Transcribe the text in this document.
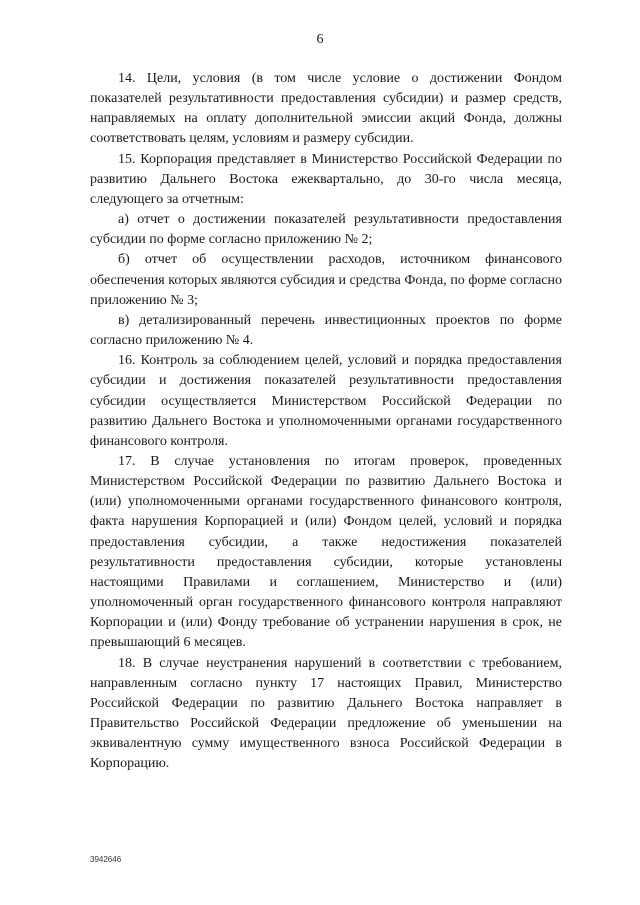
6

14. Цели, условия (в том числе условие о достижении Фондом показателей результативности предоставления субсидии) и размер средств, направляемых на оплату дополнительной эмиссии акций Фонда, должны соответствовать целям, условиям и размеру субсидии.

15. Корпорация представляет в Министерство Российской Федерации по развитию Дальнего Востока ежеквартально, до 30-го числа месяца, следующего за отчетным:

а) отчет о достижении показателей результативности предоставления субсидии по форме согласно приложению № 2;

б) отчет об осуществлении расходов, источником финансового обеспечения которых являются субсидия и средства Фонда, по форме согласно приложению № 3;

в) детализированный перечень инвестиционных проектов по форме согласно приложению № 4.

16. Контроль за соблюдением целей, условий и порядка предоставления субсидии и достижения показателей результативности предоставления субсидии осуществляется Министерством Российской Федерации по развитию Дальнего Востока и уполномоченными органами государственного финансового контроля.

17. В случае установления по итогам проверок, проведенных Министерством Российской Федерации по развитию Дальнего Востока и (или) уполномоченными органами государственного финансового контроля, факта нарушения Корпорацией и (или) Фондом целей, условий и порядка предоставления субсидии, а также недостижения показателей результативности предоставления субсидии, которые установлены настоящими Правилами и соглашением, Министерство и (или) уполномоченный орган государственного финансового контроля направляют Корпорации и (или) Фонду требование об устранении нарушения в срок, не превышающий 6 месяцев.

18. В случае неустранения нарушений в соответствии с требованием, направленным согласно пункту 17 настоящих Правил, Министерство Российской Федерации по развитию Дальнего Востока направляет в Правительство Российской Федерации предложение об уменьшении на эквивалентную сумму имущественного взноса Российской Федерации в Корпорацию.

3942646
